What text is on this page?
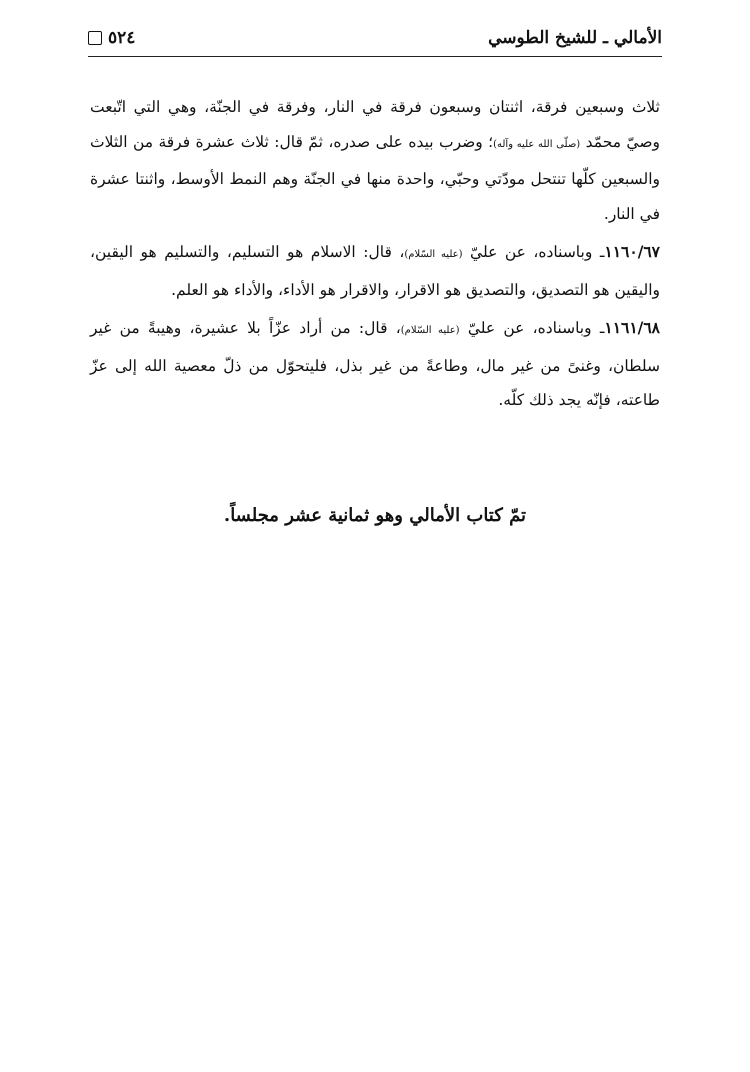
الأمالي ـ للشيخ الطوسي
٥٢٤

ثلاث وسبعين فرقة، اثنتان وسبعون فرقة في النار، وفرقة في الجنّة، وهي التي اتّبعت وصيّ محمّد (صلّى الله عليه وآله)؛ وضرب بيده على صدره، ثمّ قال: ثلاث عشرة فرقة من الثلاث والسبعين كلّها تنتحل مودّتي وحبّي، واحدة منها في الجنّة وهم النمط الأوسط، واثنتا عشرة في النار.

١١٦٠/٦٧ـ وباسناده، عن عليّ (عليه السّلام)، قال: الاسلام هو التسليم، والتسليم هو اليقين، واليقين هو التصديق، والتصديق هو الاقرار، والاقرار هو الأداء، والأداء هو العلم.

١١٦١/٦٨ـ وباسناده، عن عليّ (عليه السّلام)، قال: من أراد عزّاً بلا عشيرة، وهيبةً من غير سلطان، وغنىً من غير مال، وطاعةً من غير بذل، فليتحوّل من ذلّ معصية الله إلى عزّ طاعته، فإنّه يجد ذلك كلّه.

تمّ كتاب الأمالي وهو ثمانية عشر مجلساً.
